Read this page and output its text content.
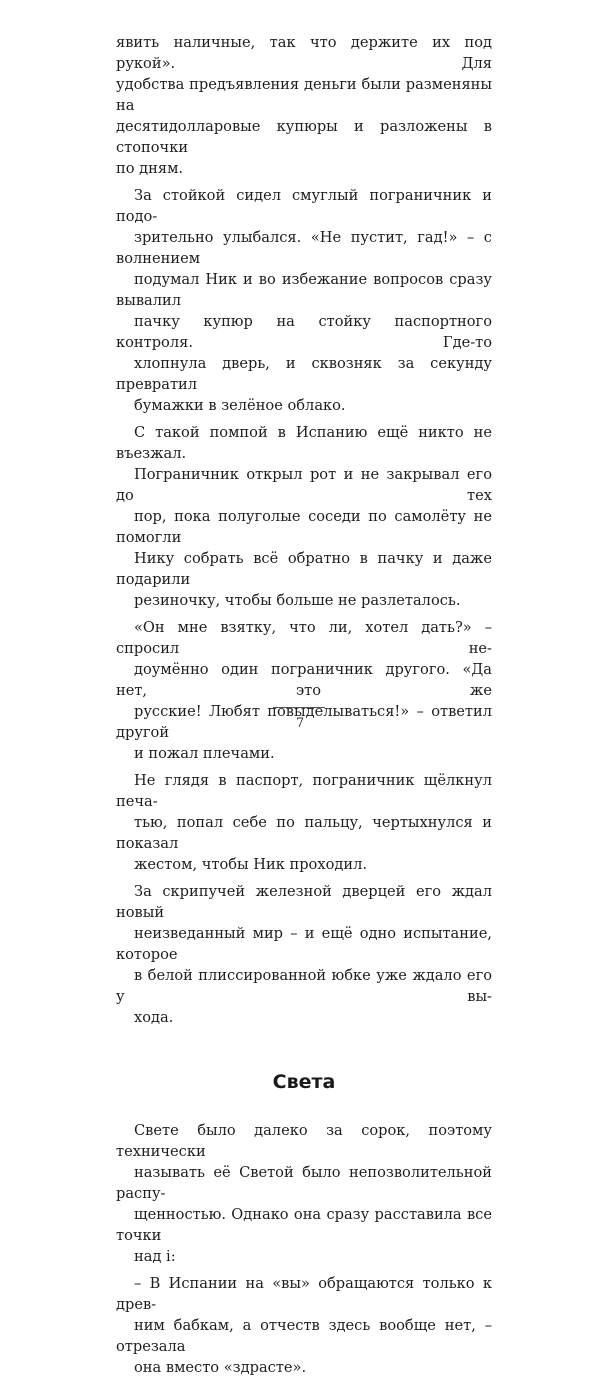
явить наличные, так что держите их под рукой». Для
удобства предъявления деньги были разменяны на
десятидолларовые купюры и разложены в стопочки
по дням.

За стойкой сидел смуглый пограничник и подо-
зрительно улыбался. «Не пустит, гад!» – с волнением
подумал Ник и во избежание вопросов сразу вывалил
пачку купюр на стойку паспортного контроля. Где-то
хлопнула дверь, и сквозняк за секунду превратил
бумажки в зелёное облако.

С такой помпой в Испанию ещё никто не въезжал.
Пограничник открыл рот и не закрывал его до тех
пор, пока полуголые соседи по самолёту не помогли
Нику собрать всё обратно в пачку и даже подарили
резиночку, чтобы больше не разлеталось.

«Он мне взятку, что ли, хотел дать?» – спросил не-
доумённо один пограничник другого. «Да нет, это же
русские! Любят повыделываться!» – ответил другой
и пожал плечами.

Не глядя в паспорт, пограничник щёлкнул печа-
тью, попал себе по пальцу, чертыхнулся и показал
жестом, чтобы Ник проходил.

За скрипучей железной дверцей его ждал новый
неизведанный мир – и ещё одно испытание, которое
в белой плиссированной юбке уже ждало его у вы-
хода.

Света

Свете было далеко за сорок, поэтому технически
называть её Светой было непозволительной распу-
щенностью. Однако она сразу расставила все точки
над і:

– В Испании на «вы» обращаются только к древ-
ним бабкам, а отчеств здесь вообще нет, – отрезала
она вместо «здрасте».

7
